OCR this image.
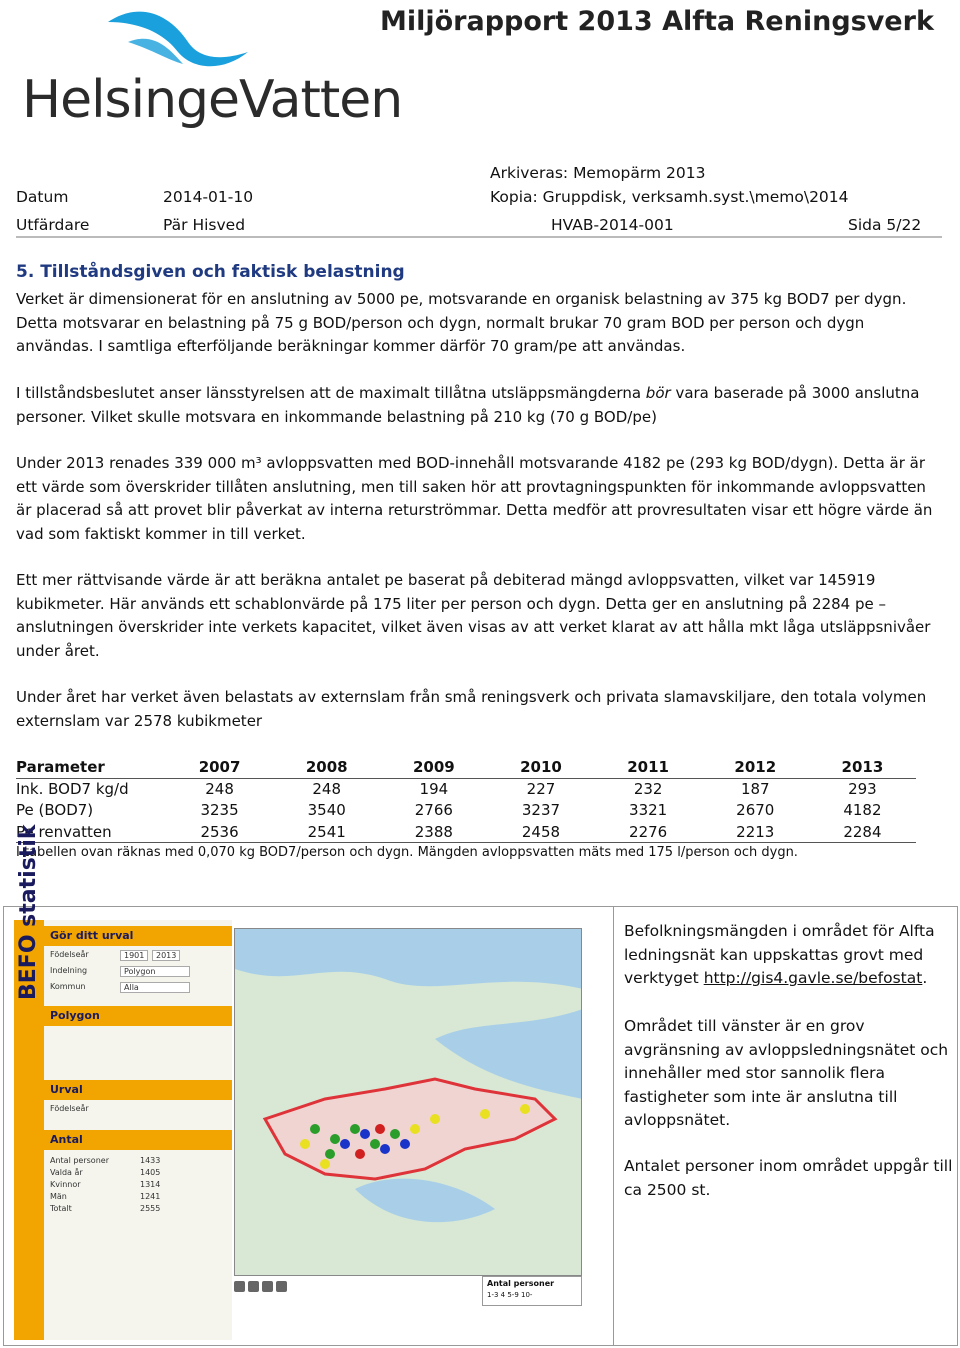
HelsingeVatten
Miljörapport 2013 Alfta Reningsverk
Arkiveras: Memopärm 2013
Datum	2014-01-10	Kopia: Gruppdisk, verksamh.syst.\memo\2014
Utfärdare	Pär Hisved	HVAB-2014-001	Sida 5/22
5. Tillståndsgiven och faktisk belastning
Verket är dimensionerat för en anslutning av 5000 pe, motsvarande en organisk belastning av 375 kg BOD7 per dygn. Detta motsvarar en belastning på 75 g BOD/person och dygn, normalt brukar 70 gram BOD per person och dygn användas. I samtliga efterföljande beräkningar kommer därför 70 gram/pe att användas.
I tillståndsbeslutet anser länsstyrelsen att de maximalt tillåtna utsläppsmängderna bör vara baserade på 3000 anslutna personer. Vilket skulle motsvara en inkommande belastning på 210 kg (70 g BOD/pe)
Under 2013 renades 339 000 m³ avloppsvatten med BOD-innehåll motsvarande 4182 pe (293 kg BOD/dygn). Detta är är ett värde som överskrider tillåten anslutning, men till saken hör att provtagningspunkten för inkommande avloppsvatten är placerad så att provet blir påverkat av interna returströmmar. Detta medför att provresultaten visar ett högre värde än vad som faktiskt kommer in till verket.
Ett mer rättvisande värde är att beräkna antalet pe baserat på debiterad mängd avloppsvatten, vilket var 145919 kubikmeter. Här används ett schablonvärde på 175 liter per person och dygn. Detta ger en anslutning på 2284 pe – anslutningen överskrider inte verkets kapacitet, vilket även visas av att verket klarat av att hålla mkt låga utsläppsnivåer under året.
Under året har verket även belastats av externslam från små reningsverk och privata slamavskiljare, den totala volymen externslam var 2578 kubikmeter
Parameter	2007	2008	2009	2010	2011	2012	2013
Ink. BOD7 kg/d	248	248	194	227	232	187	293
Pe (BOD7)	3235	3540	2766	3237	3321	2670	4182
Pe renvatten	2536	2541	2388	2458	2276	2213	2284
I tabellen ovan räknas med 0,070 kg BOD7/person och dygn. Mängden avloppsvatten mäts med 175 l/person och dygn.
BEFO statistik Gör ditt urval
Födelseår	1901	2013
Indelning	Polygon
Kommun	Alla
Polygon
Urval
Födelseår
Antal
Antal personer	1433
Valda år	1405
Kvinnor	1314
Män	1241
Totalt	2555
Antal personer
1-3 4 5-9 10-
Befolkningsmängden i området för Alfta ledningsnät kan uppskattas grovt med verktyget http://gis4.gavle.se/befostat.
Området till vänster är en grov avgränsning av avloppsledningsnätet och innehåller med stor sannolik flera fastigheter som inte är anslutna till avloppsnätet.
Antalet personer inom området uppgår till ca 2500 st.
